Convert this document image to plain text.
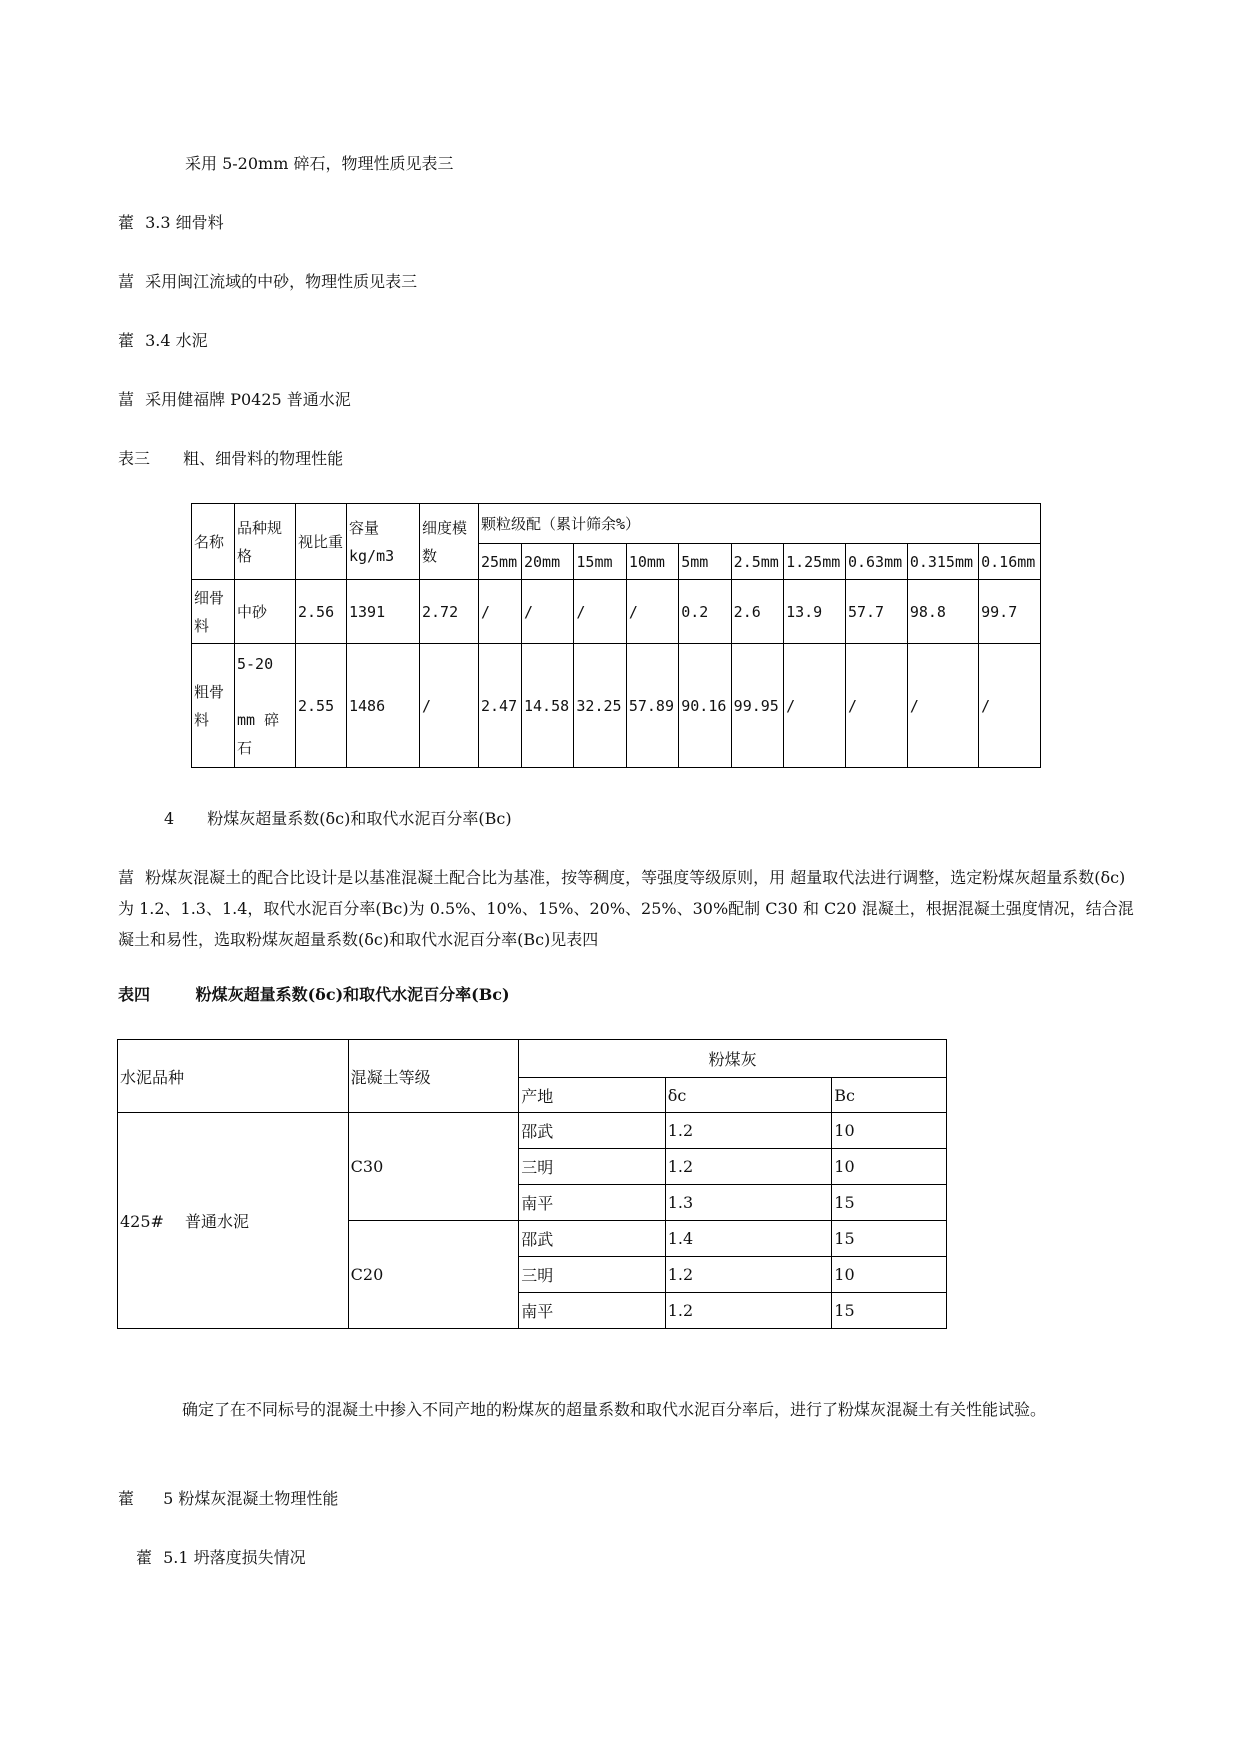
采用 5-20mm 碎石，物理性质见表三
藿 3.3 细骨料
葍 采用闽江流域的中砂，物理性质见表三
藿 3.4 水泥
葍 采用健福牌 P0425 普通水泥
表三 粗、细骨料的物理性能
名称	品种规格	视比重	容量 kg/m3	细度模数	颗粒级配（累计筛余%）									
					25mm	20mm	15mm	10mm	5mm	2.5mm	1.25mm	0.63mm	0.315mm	0.16mm
细骨料	中砂	2.56	1391	2.72	/	/	/	/	0.2	2.6	13.9	57.7	98.8	99.7
粗骨料	5-20
mm 碎石	2.55	1486	/	2.47	14.58	32.25	57.89	90.16	99.95	/	/	/	/
4 粉煤灰超量系数(δc)和取代水泥百分率(Bc)
葍 粉煤灰混凝土的配合比设计是以基准混凝土配合比为基准，按等稠度，等强度等级原则，用 超量取代法进行调整，选定粉煤灰超量系数(δc)为 1.2、1.3、1.4，取代水泥百分率(Bc)为 0.5%、10%、15%、20%、25%、30%配制 C30 和 C20 混凝土，根据混凝土强度情况，结合混凝土和易性，选取粉煤灰超量系数(δc)和取代水泥百分率(Bc)见表四
表四	粉煤灰超量系数(δc)和取代水泥百分率(Bc)
水泥品种	混凝土等级	粉煤灰		
		产地	δc	Bc
425#　 普通水泥	C30	邵武	1.2	10
		三明	1.2	10
		南平	1.3	15
	C20	邵武	1.4	15
		三明	1.2	10
		南平	1.2	15
确定了在不同标号的混凝土中掺入不同产地的粉煤灰的超量系数和取代水泥百分率后，进行了粉煤灰混凝土有关性能试验。
藿 5 粉煤灰混凝土物理性能
藿 5.1 坍落度损失情况
